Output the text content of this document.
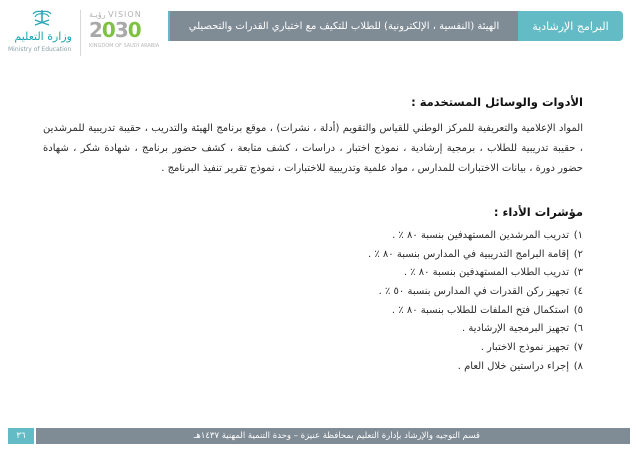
البرامج الإرشادية
الهيئة (النفسية ، الإلكترونية) للطلاب للتكيف مع اختباري القدرات والتحصيلي
رؤيـة VISION
2030
KINGDOM OF SAUDI ARABIA
وزارة التعليم
Ministry of Education
الأدوات والوسائل المستخدمة :

المواد الإعلامية والتعريفية للمركز الوطني للقياس والتقويم (أدلة ، نشرات) ، موقع برنامج الهيئة والتدريب ، حقيبة تدريبية للمرشدين ، حقيبة تدريبية للطلاب ، برمجية إرشادية ، نموذج اختبار ، دراسات ، كشف متابعة ، كشف حضور برنامج ، شهادة شكر ، شهادة حضور دورة ، بيانات الاختبارات للمدارس ، مواد علمية وتدريبية للاختبارات ، نموذج تقرير تنفيذ البرنامج .

مؤشرات الأداء :
١)
تدريب المرشدين المستهدفين بنسبة ٨٠ ٪ .
٢)
إقامة البرامج التدريبية في المدارس بنسبة ٨٠ ٪ .
٣)
تدريب الطلاب المستهدفين بنسبة ٨٠ ٪ .
٤)
تجهيز ركن القدرات في المدارس بنسبة ٥٠ ٪ .
٥)
استكمال فتح الملفات للطلاب بنسبة ٨٠ ٪ .
٦)
تجهيز البرمجية الإرشادية .
٧)
تجهيز نموذج الاختبار .
٨)
إجراء دراستين خلال العام .
قسم التوجيه والإرشاد بإدارة التعليم بمحافظة عنيزة – وحدة التنمية المهنية ١٤٣٧هـ
٣٦
